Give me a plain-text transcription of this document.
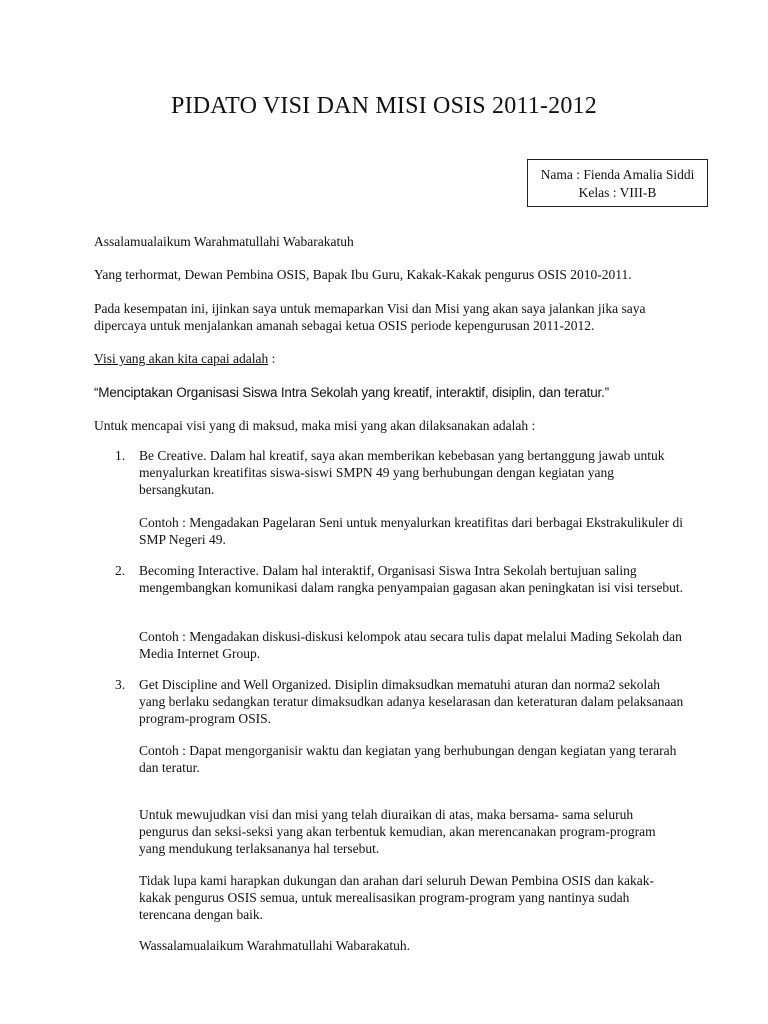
PIDATO VISI DAN MISI OSIS 2011-2012
Nama : Fienda Amalia Siddi
Kelas : VIII-B

Assalamualaikum Warahmatullahi Wabarakatuh

Yang terhormat, Dewan Pembina OSIS, Bapak Ibu Guru, Kakak-Kakak pengurus OSIS 2010-2011.

Pada kesempatan ini, ijinkan saya untuk memaparkan Visi dan Misi yang akan saya jalankan jika saya dipercaya untuk menjalankan amanah sebagai ketua OSIS periode kepengurusan 2011-2012.

Visi yang akan kita capai adalah :

“Menciptakan Organisasi Siswa Intra Sekolah yang kreatif, interaktif, disiplin, dan teratur.”

Untuk mencapai visi yang di maksud, maka misi yang akan dilaksanakan adalah :

1. Be Creative. Dalam hal kreatif, saya akan memberikan kebebasan yang bertanggung jawab untuk menyalurkan kreatifitas siswa-siswi SMPN 49 yang berhubungan dengan kegiatan yang bersangkutan.

Contoh : Mengadakan Pagelaran Seni untuk menyalurkan kreatifitas dari berbagai Ekstrakulikuler di SMP Negeri 49.

2. Becoming Interactive. Dalam hal interaktif, Organisasi Siswa Intra Sekolah bertujuan saling mengembangkan komunikasi dalam rangka penyampaian gagasan akan peningkatan isi visi tersebut.

Contoh : Mengadakan diskusi-diskusi kelompok atau secara tulis dapat melalui Mading Sekolah dan Media Internet Group.

3. Get Discipline and Well Organized. Disiplin dimaksudkan mematuhi aturan dan norma2 sekolah yang berlaku sedangkan teratur dimaksudkan adanya keselarasan dan keteraturan dalam pelaksanaan program-program OSIS.

Contoh : Dapat mengorganisir waktu dan kegiatan yang berhubungan dengan kegiatan yang terarah dan teratur.

Untuk mewujudkan visi dan misi yang telah diuraikan di atas, maka bersama- sama seluruh pengurus dan seksi-seksi yang akan terbentuk kemudian, akan merencanakan program-program yang mendukung terlaksananya hal tersebut.

Tidak lupa kami harapkan dukungan dan arahan dari seluruh Dewan Pembina OSIS dan kakak-kakak pengurus OSIS semua, untuk merealisasikan program-program yang nantinya sudah terencana dengan baik.

Wassalamualaikum Warahmatullahi Wabarakatuh.
